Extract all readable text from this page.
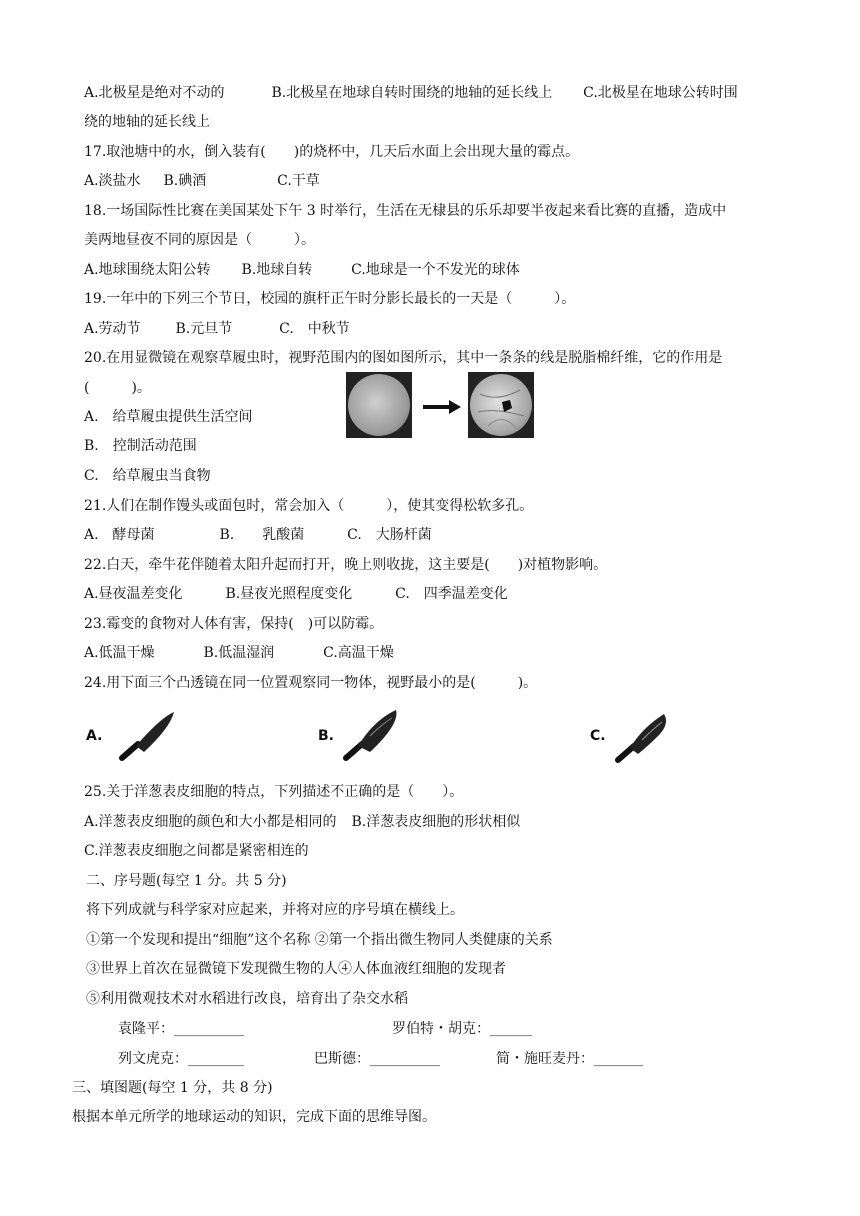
A.北极星是绝对不动的	B.北极星在地球自转时围绕的地轴的延长线上 C.北极星在地球公转时围
绕的地轴的延长线上
17.取池塘中的水，倒入装有(　　)的烧杯中，几天后水面上会出现大量的霉点。
A.淡盐水 B.碘酒	C.干草
18.一场国际性比赛在美国某处下午 3 时举行，生活在无棣县的乐乐却要半夜起来看比赛的直播，造成中
美两地昼夜不同的原因是（　　　）。
A.地球围绕太阳公转 B.地球自转	C.地球是一个不发光的球体
19.一年中的下列三个节日，校园的旗杆正午时分影长最长的一天是（　　　）。
A.劳动节 B.元旦节	C.　中秋节
20.在用显微镜在观察草履虫时，视野范围内的图如图所示，其中一条条的线是脱脂棉纤维，它的作用是
(　　　)。
A.　给草履虫提供生活空间
B.　控制活动范围
C.　给草履虫当食物
21.人们在制作馒头或面包时，常会加入（　　　），使其变得松软多孔。
A.　酵母菌	B.　　乳酸菌	C.　大肠杆菌
22.白天，牵牛花伴随着太阳升起而打开，晚上则收拢，这主要是(　　)对植物影响。
A.昼夜温差变化	B.昼夜光照程度变化	C.　四季温差变化
23.霉变的食物对人体有害，保持(　)可以防霉。
A.低温干燥	B.低温湿润	C.高温干燥
24.用下面三个凸透镜在同一位置观察同一物体，视野最小的是(　　　)。
A.	B.	C.
25.关于洋葱表皮细胞的特点，下列描述不正确的是（　　）。
A.洋葱表皮细胞的颜色和大小都是相同的 B.洋葱表皮细胞的形状相似
C.洋葱表皮细胞之间都是紧密相连的
二、序号题(每空 1 分。共 5 分)
将下列成就与科学家对应起来，并将对应的序号填在横线上。
①第一个发现和提出“细胞”这个名称 ②第一个指出微生物同人类健康的关系
③世界上首次在显微镜下发现微生物的人④人体血液红细胞的发现者
⑤利用微观技术对水稻进行改良，培育出了杂交水稻
袁隆平：__________	罗伯特・胡克：______
列文虎克：________	巴斯德：__________	简・施旺麦丹：_______
三、填图题(每空 1 分，共 8 分)
根据本单元所学的地球运动的知识，完成下面的思维导图。
